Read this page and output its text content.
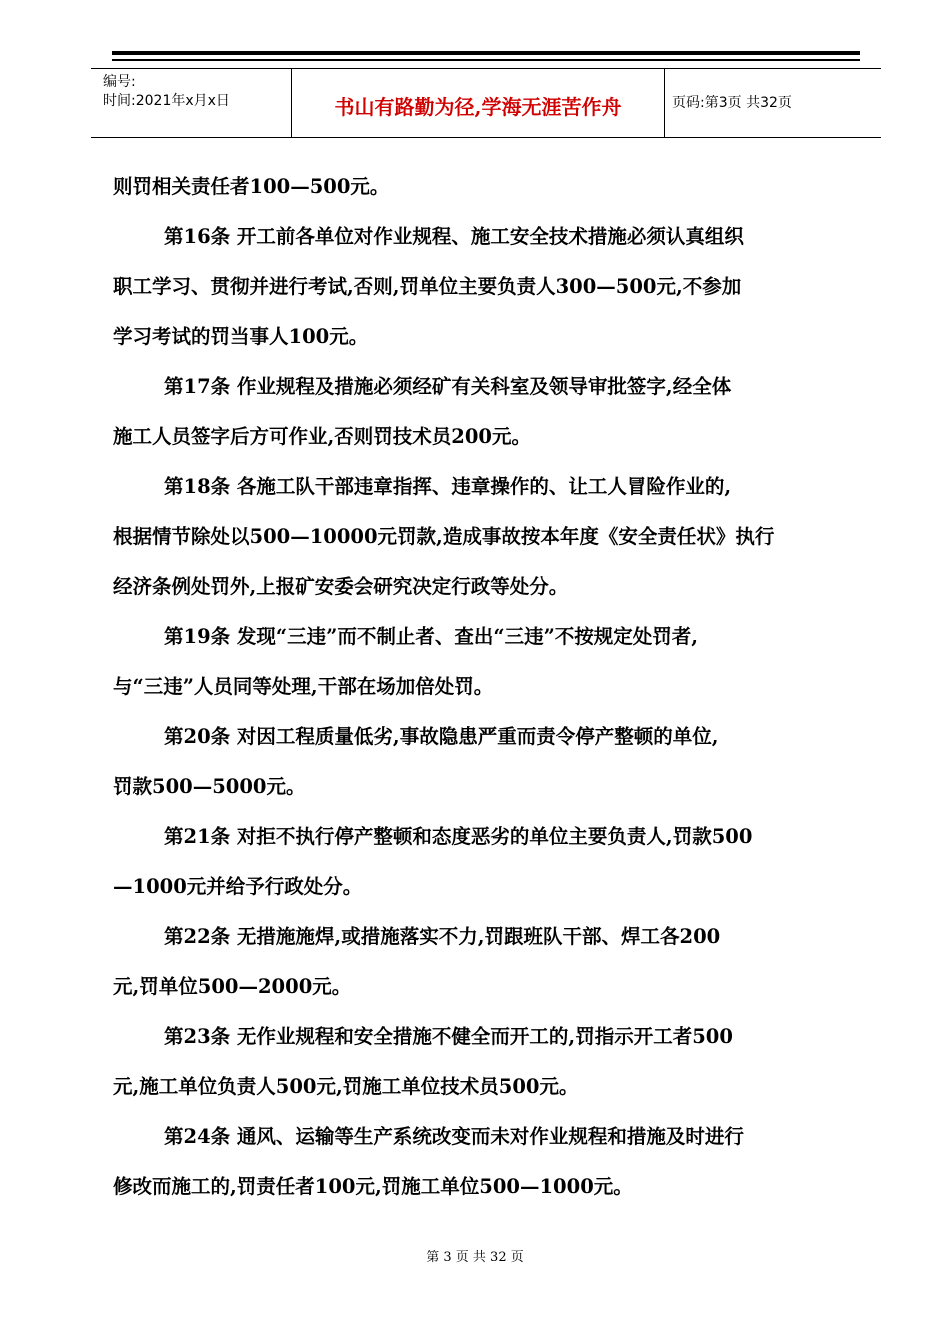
编号:
时间:2021年x月x日	书山有路勤为径,学海无涯苦作舟	页码:第3页 共32页
则罚相关责任者100—500元。
第16条 开工前各单位对作业规程、施工安全技术措施必须认真组织
职工学习、贯彻并进行考试,否则,罚单位主要负责人300—500元,不参加
学习考试的罚当事人100元。
第17条 作业规程及措施必须经矿有关科室及领导审批签字,经全体
施工人员签字后方可作业,否则罚技术员200元。
第18条 各施工队干部违章指挥、违章操作的、让工人冒险作业的,
根据情节除处以500—10000元罚款,造成事故按本年度《安全责任状》执行
经济条例处罚外,上报矿安委会研究决定行政等处分。
第19条 发现“三违”而不制止者、查出“三违”不按规定处罚者,
与“三违”人员同等处理,干部在场加倍处罚。
第20条 对因工程质量低劣,事故隐患严重而责令停产整顿的单位,
罚款500—5000元。
第21条 对拒不执行停产整顿和态度恶劣的单位主要负责人,罚款500
—1000元并给予行政处分。
第22条 无措施施焊,或措施落实不力,罚跟班队干部、焊工各200
元,罚单位500—2000元。
第23条 无作业规程和安全措施不健全而开工的,罚指示开工者500
元,施工单位负责人500元,罚施工单位技术员500元。
第24条 通风、运输等生产系统改变而未对作业规程和措施及时进行
修改而施工的,罚责任者100元,罚施工单位500—1000元。
第 3 页 共 32 页
